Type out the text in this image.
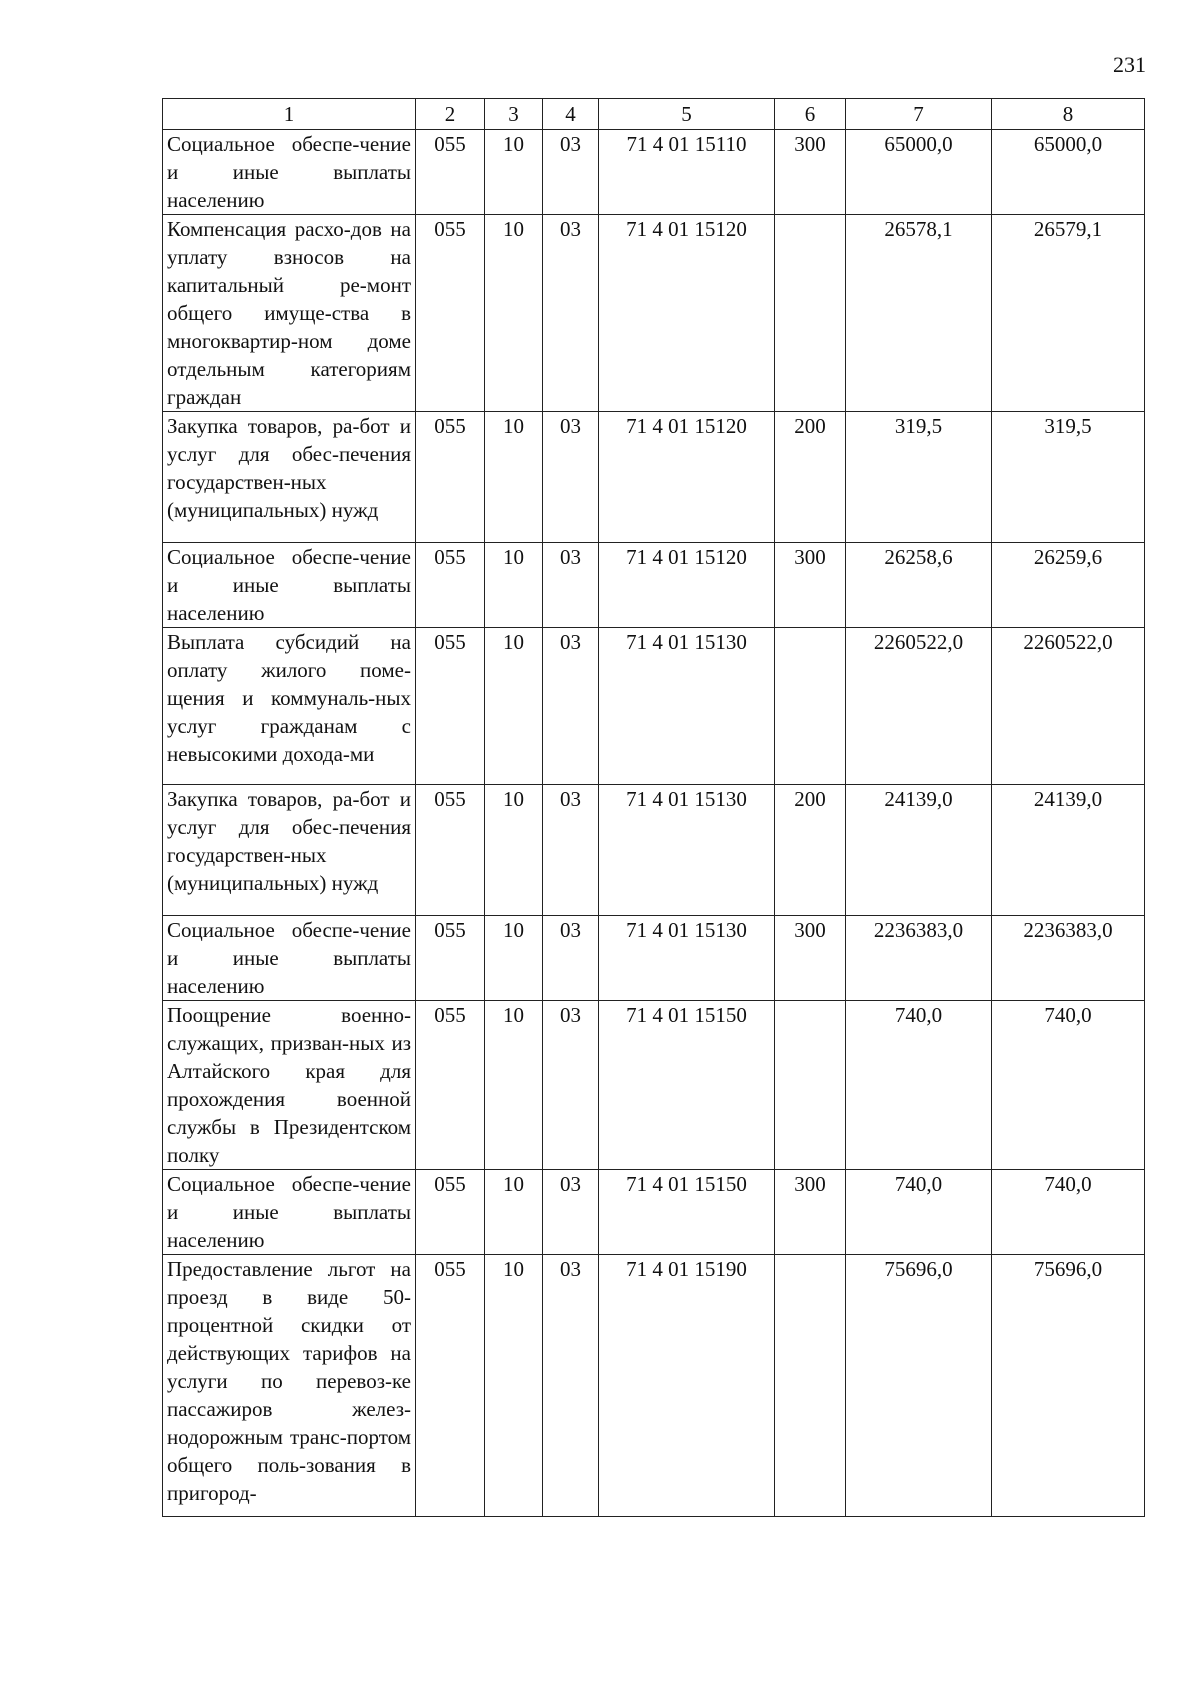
231
1	2	3	4	5	6	7	8
Социальное обеспе-чение и иные выплаты населению	055	10	03	71 4 01 15110	300	65000,0	65000,0
Компенсация расхо-дов на уплату взносов на капитальный ре-монт общего имуще-ства в многоквартир-ном доме отдельным категориям граждан	055	10	03	71 4 01 15120		26578,1	26579,1
Закупка товаров, ра-бот и услуг для обес-печения государствен-ных (муниципальных) нужд	055	10	03	71 4 01 15120	200	319,5	319,5
Социальное обеспе-чение и иные выплаты населению	055	10	03	71 4 01 15120	300	26258,6	26259,6
Выплата субсидий на оплату жилого поме-щения и коммуналь-ных услуг гражданам с невысокими дохода-ми	055	10	03	71 4 01 15130		2260522,0	2260522,0
Закупка товаров, ра-бот и услуг для обес-печения государствен-ных (муниципальных) нужд	055	10	03	71 4 01 15130	200	24139,0	24139,0
Социальное обеспе-чение и иные выплаты населению	055	10	03	71 4 01 15130	300	2236383,0	2236383,0
Поощрение военно-служащих, призван-ных из Алтайского края для прохождения военной службы в Президентском полку	055	10	03	71 4 01 15150		740,0	740,0
Социальное обеспе-чение и иные выплаты населению	055	10	03	71 4 01 15150	300	740,0	740,0
Предоставление льгот на проезд в виде 50-процентной скидки от действующих тарифов на услуги по перевоз-ке пассажиров желез-нодорожным транс-портом общего поль-зования в пригород-	055	10	03	71 4 01 15190		75696,0	75696,0
